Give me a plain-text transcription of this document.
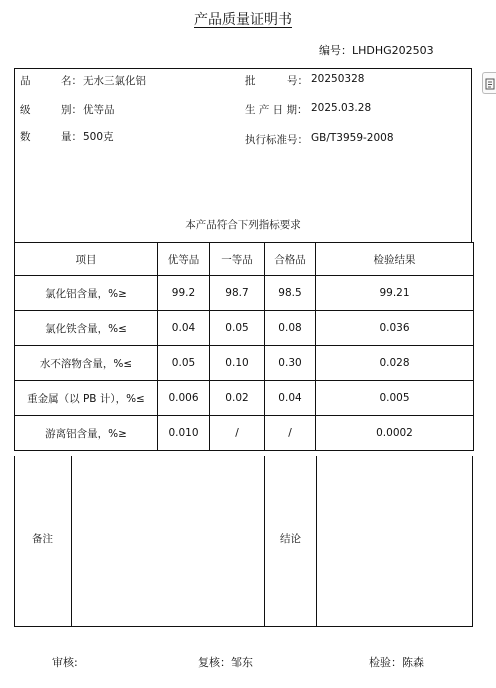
产品质量证明书
编号：LHDHG202503
品	名： 无水三氯化铝	批	号： 20250328
级	别： 优等品	生 产 日 期： 2025.03.28
数	量： 500克	执行标准号： GB/T3959-2008
本产品符合下列指标要求
项目	优等品	一等品	合格品	检验结果
氯化铝含量，%≥	99.2	98.7	98.5	99.21
氯化铁含量，%≤	0.04	0.05	0.08	0.036
水不溶物含量，%≤	0.05	0.10	0.30	0.028
重金属（以 PB 计），%≤	0.006	0.02	0.04	0.005
游离铝含量，%≥	0.010	/	/	0.0002
备注	结论
审核:	复核：邹东	检验：陈森
